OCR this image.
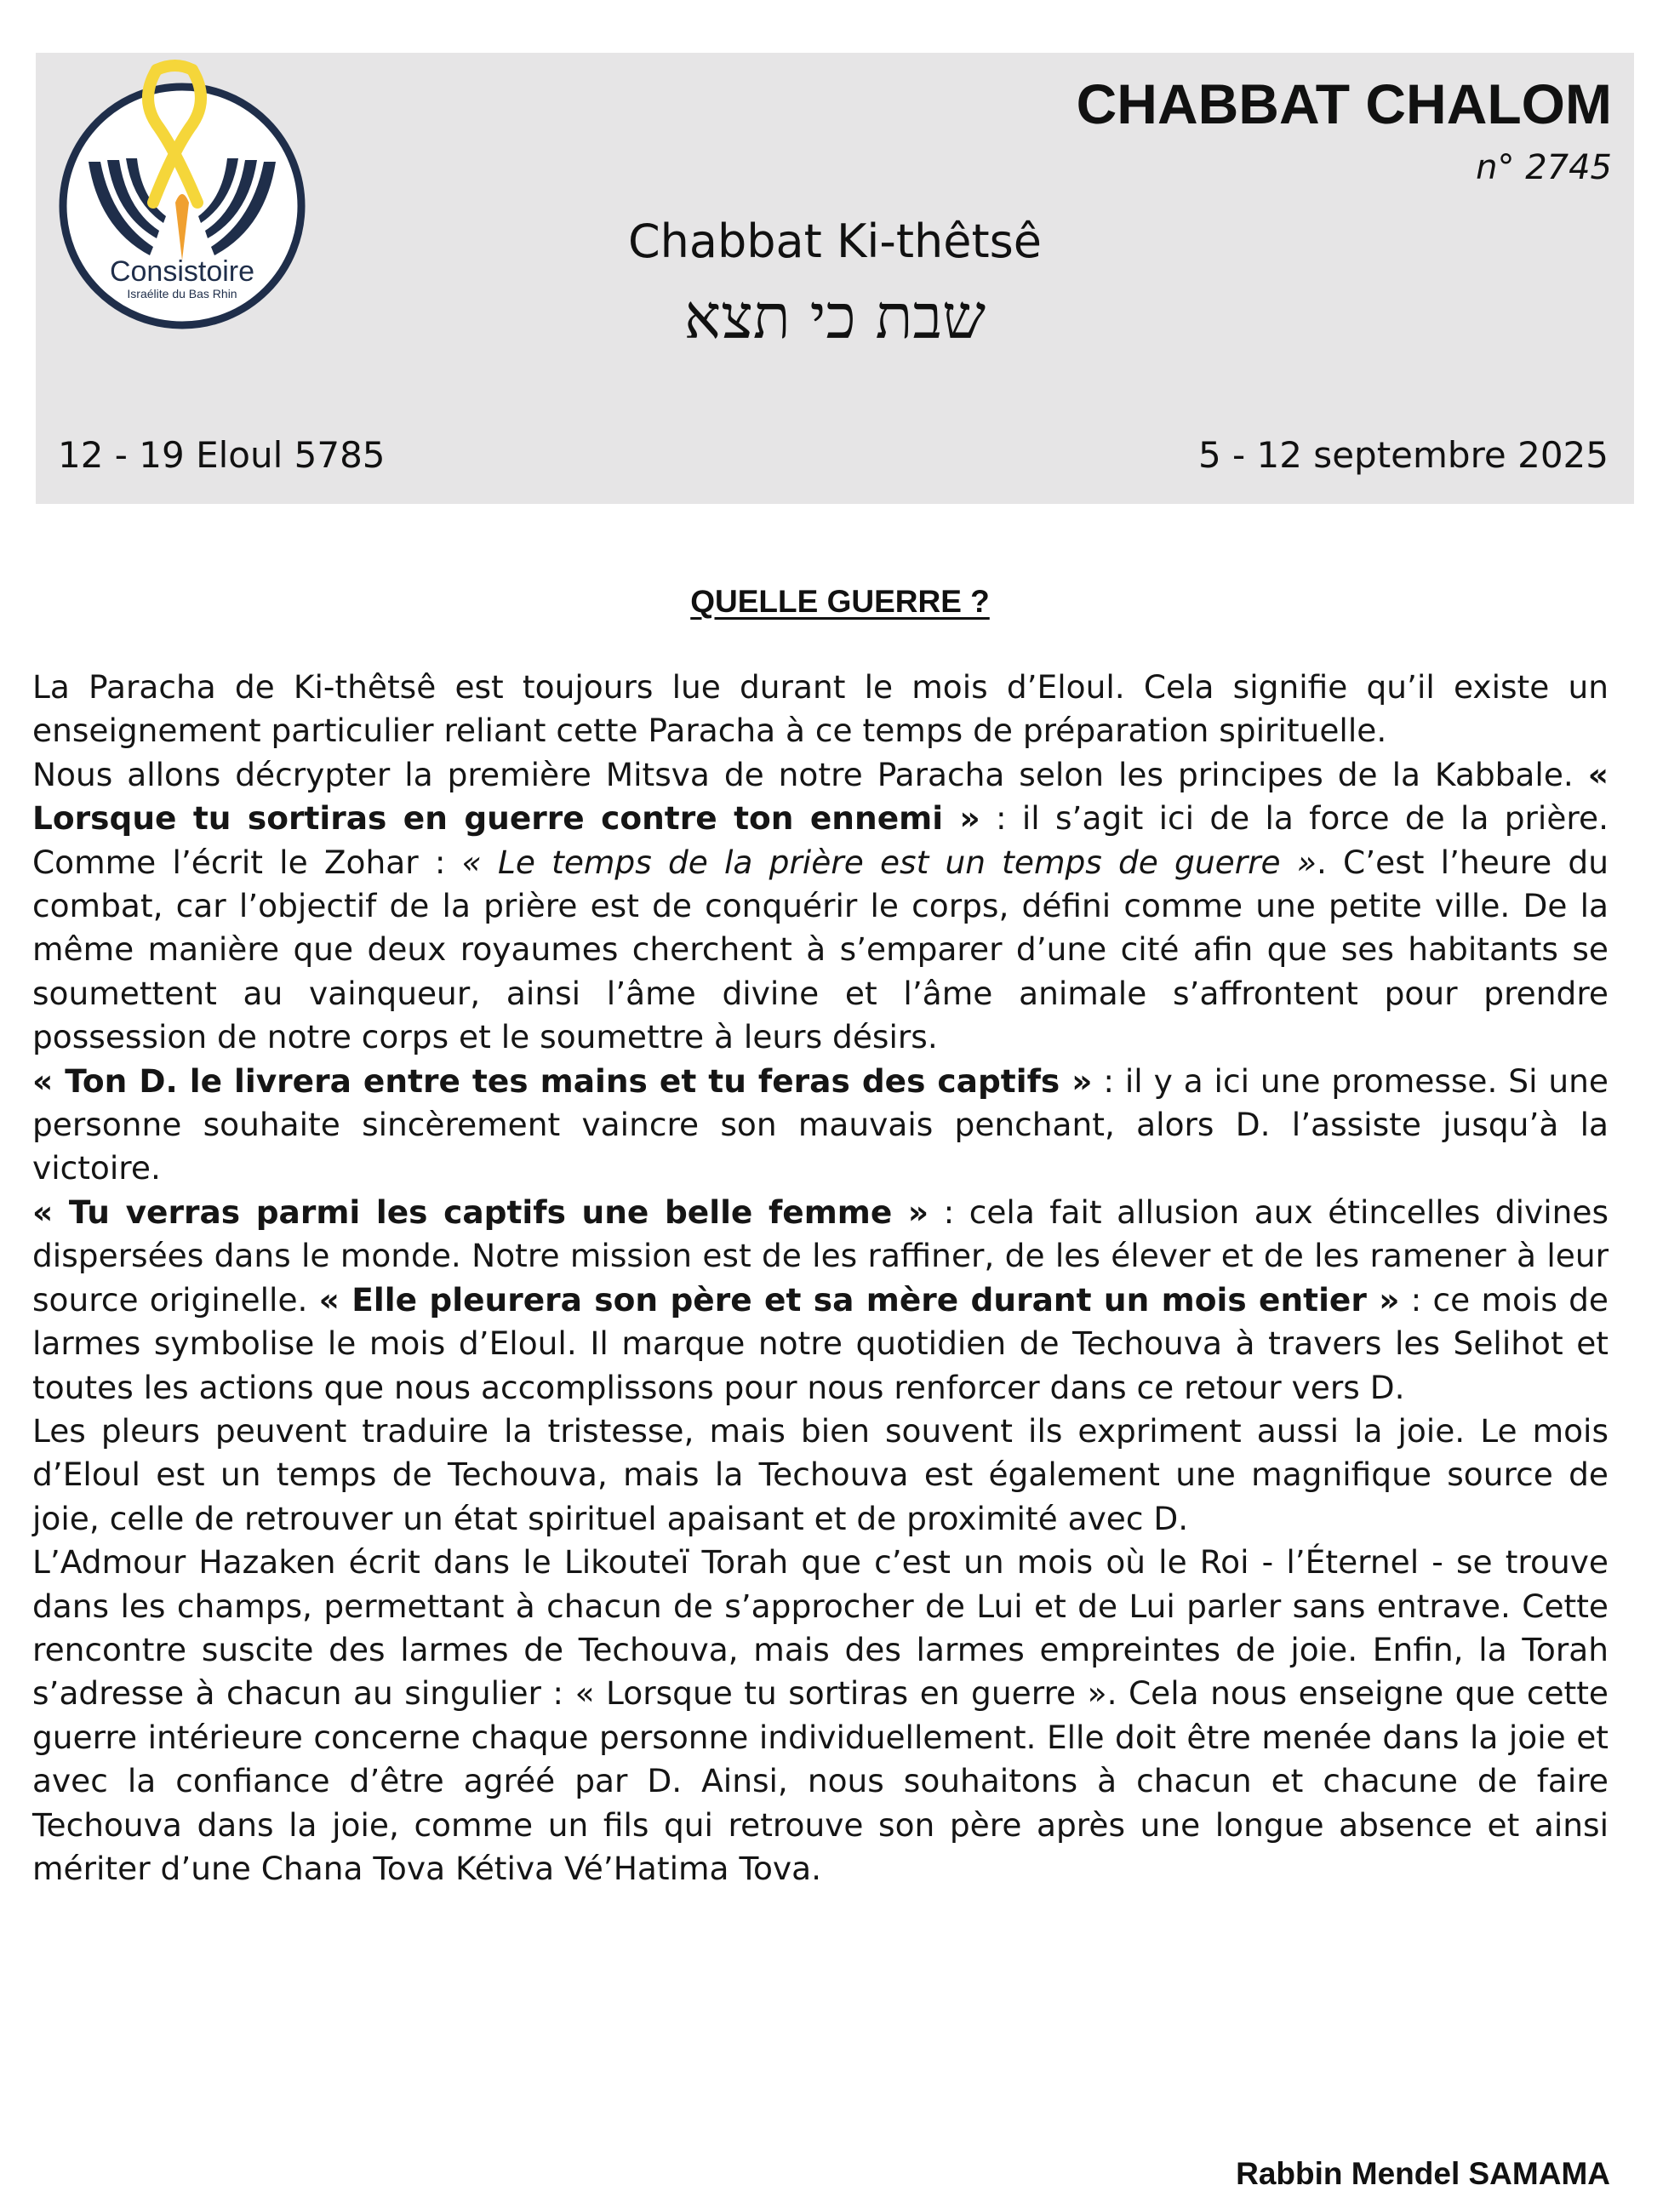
Consistoire
Israélite du Bas Rhin
CHABBAT CHALOM
n° 2745
Chabbat Ki-thêtsê
שבת כי תצא
12 - 19 Eloul 5785	5 - 12 septembre 2025
QUELLE GUERRE ?

La Paracha de Ki-thêtsê est toujours lue durant le mois d’Eloul. Cela signifie qu’il existe un enseignement particulier reliant cette Paracha à ce temps de préparation spirituelle.

Nous allons décrypter la première Mitsva de notre Paracha selon les principes de la Kabbale. « Lorsque tu sortiras en guerre contre ton ennemi » : il s’agit ici de la force de la prière. Comme l’écrit le Zohar : « Le temps de la prière est un temps de guerre ». C’est l’heure du combat, car l’objectif de la prière est de conquérir le corps, défini comme une petite ville. De la même manière que deux royaumes cherchent à s’emparer d’une cité afin que ses habitants se soumettent au vainqueur, ainsi l’âme divine et l’âme animale s’affrontent pour prendre possession de notre corps et le soumettre à leurs désirs.

« Ton D. le livrera entre tes mains et tu feras des captifs » : il y a ici une promesse. Si une personne souhaite sincèrement vaincre son mauvais penchant, alors D. l’assiste jusqu’à la victoire.

« Tu verras parmi les captifs une belle femme » : cela fait allusion aux étincelles divines dispersées dans le monde. Notre mission est de les raffiner, de les élever et de les ramener à leur source originelle. « Elle pleurera son père et sa mère durant un mois entier » : ce mois de larmes symbolise le mois d’Eloul. Il marque notre quotidien de Techouva à travers les Selihot et toutes les actions que nous accomplissons pour nous renforcer dans ce retour vers D.

Les pleurs peuvent traduire la tristesse, mais bien souvent ils expriment aussi la joie. Le mois d’Eloul est un temps de Techouva, mais la Techouva est également une magnifique source de joie, celle de retrouver un état spirituel apaisant et de proximité avec D.

L’Admour Hazaken écrit dans le Likouteï Torah que c’est un mois où le Roi - l’Éternel - se trouve dans les champs, permettant à chacun de s’approcher de Lui et de Lui parler sans entrave. Cette rencontre suscite des larmes de Techouva, mais des larmes empreintes de joie. Enfin, la Torah s’adresse à chacun au singulier : « Lorsque tu sortiras en guerre ». Cela nous enseigne que cette guerre intérieure concerne chaque personne individuellement. Elle doit être menée dans la joie et avec la confiance d’être agréé par D. Ainsi, nous souhaitons à chacun et chacune de faire Techouva dans la joie, comme un fils qui retrouve son père après une longue absence et ainsi mériter d’une Chana Tova Kétiva Vé’Hatima Tova.

Rabbin Mendel SAMAMA
